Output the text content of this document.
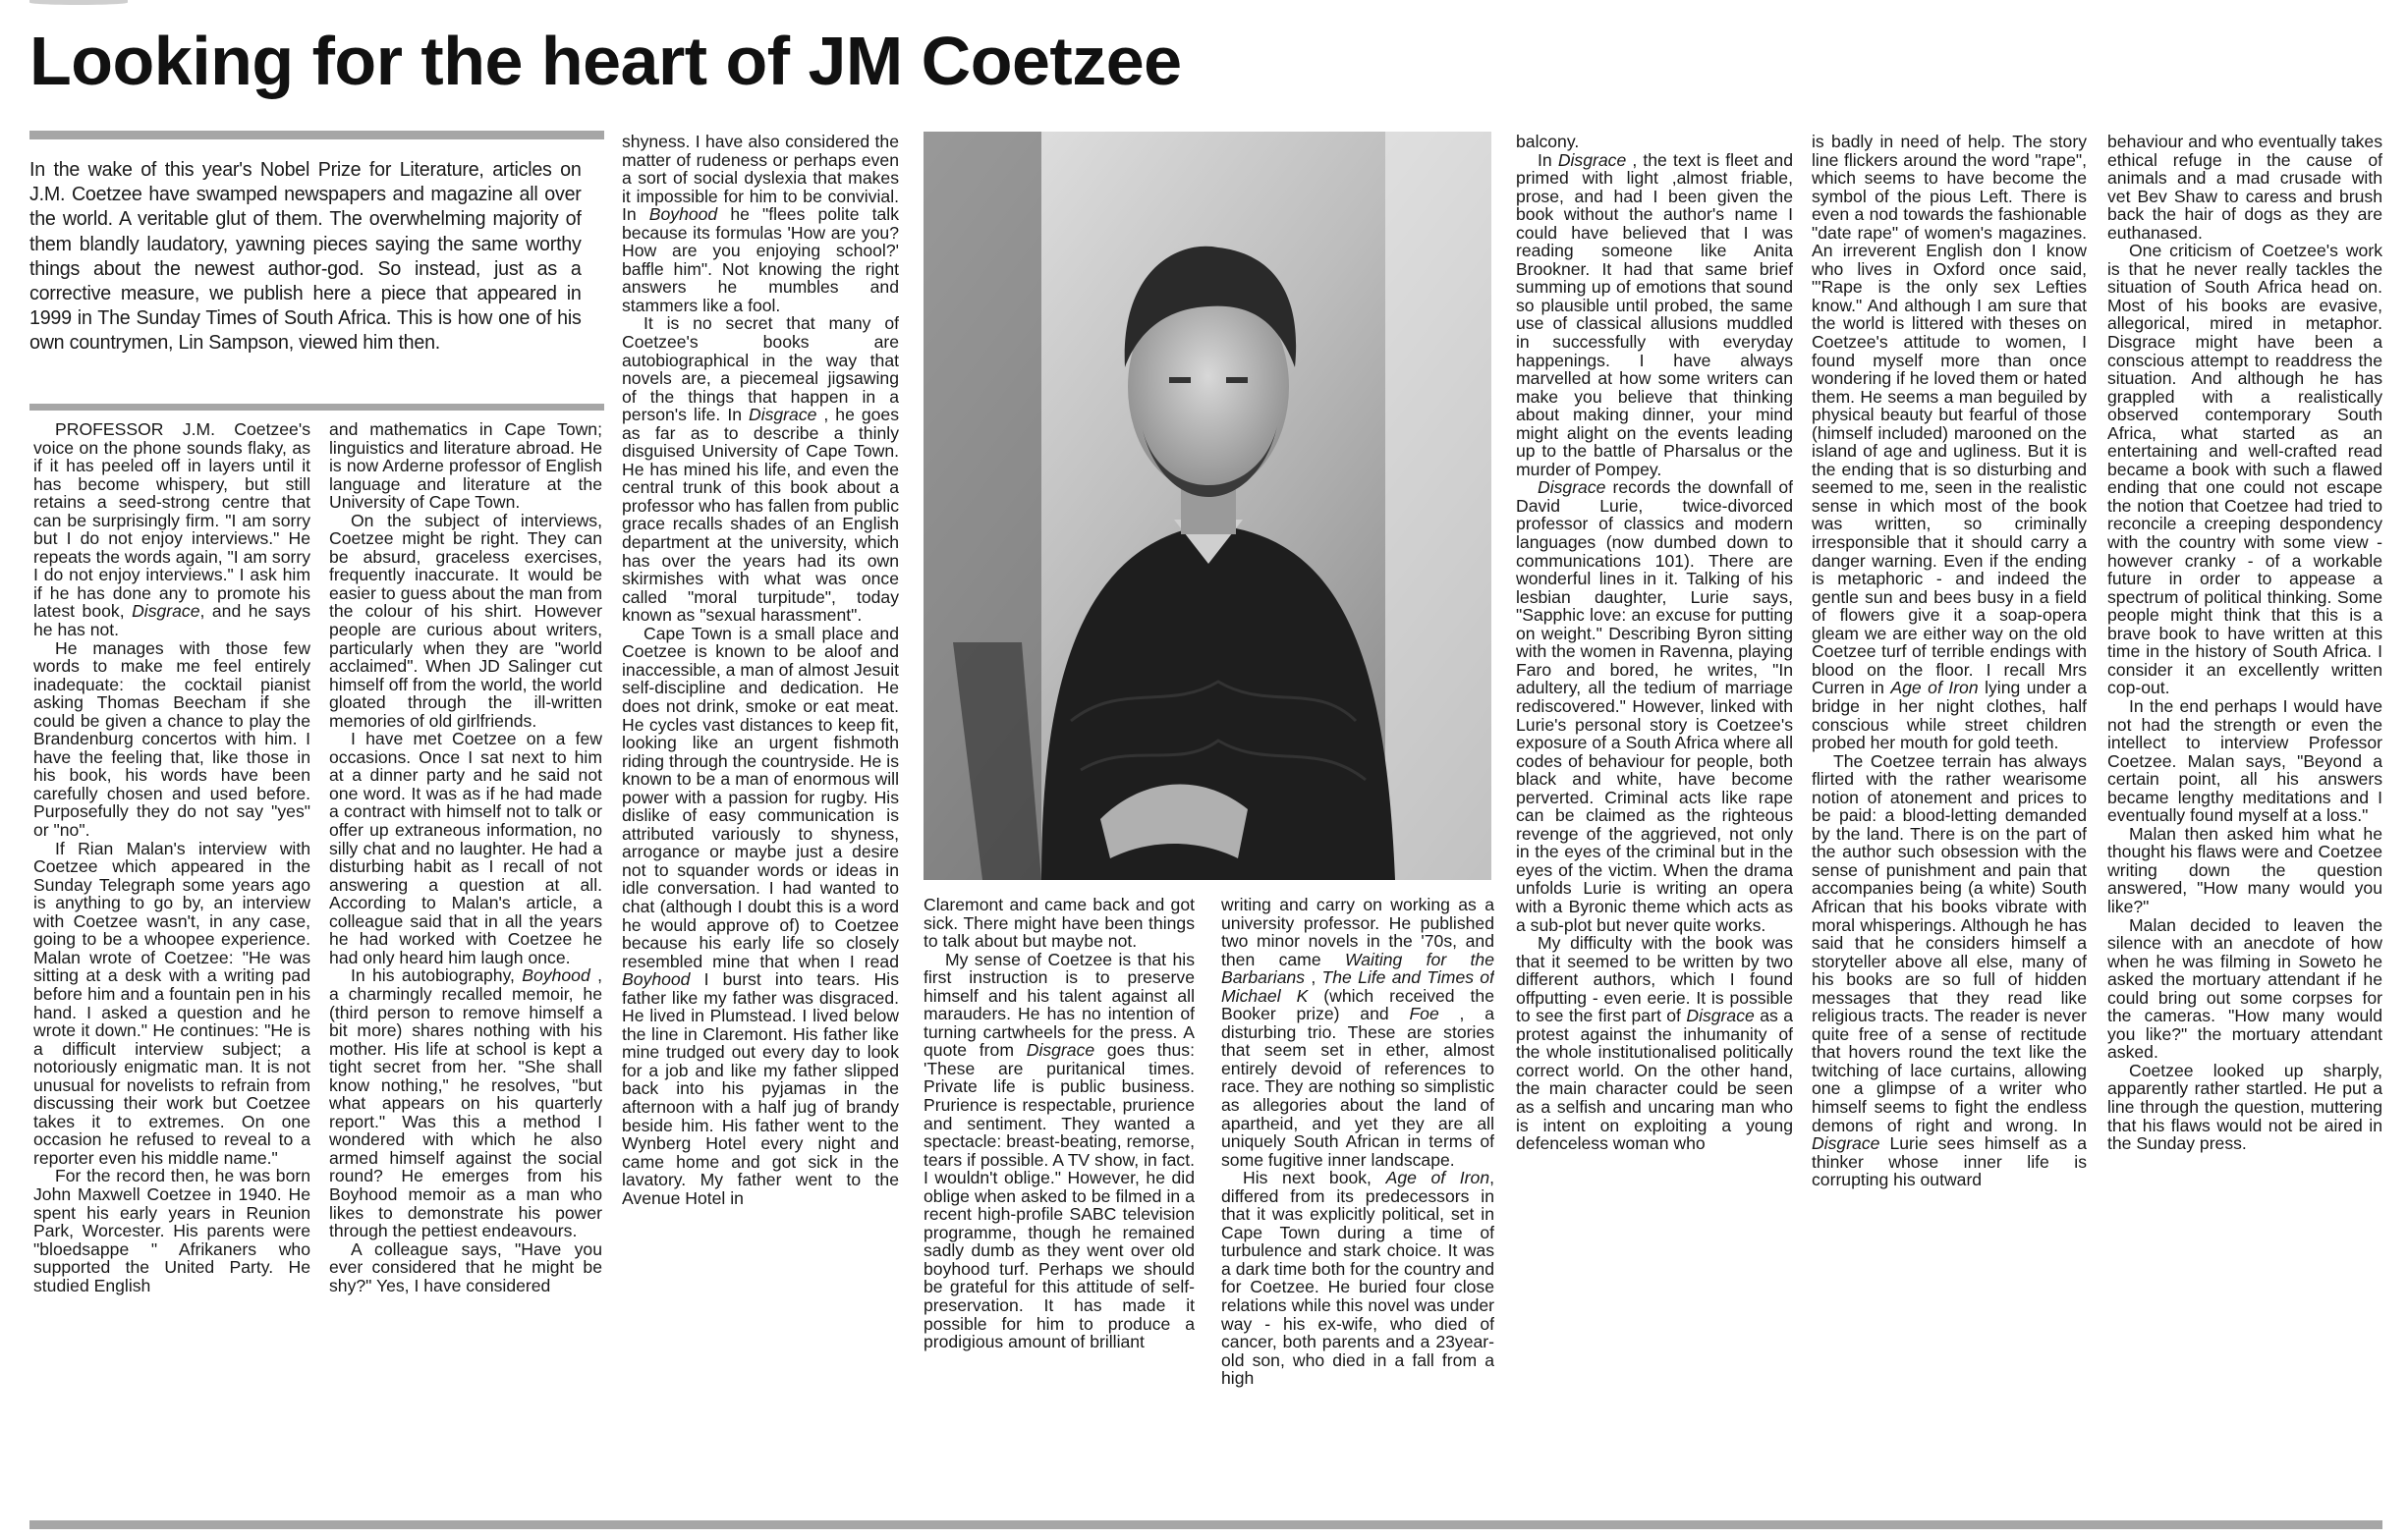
Looking for the heart of JM Coetzee

In the wake of this year's Nobel Prize for Literature, articles on J.M. Coetzee have swamped newspapers and magazine all over the world. A veritable glut of them. The overwhelming majority of them blandly laudatory, yawning pieces saying the same worthy things about the newest author-god. So instead, just as a corrective measure, we publish here a piece that appeared in 1999 in The Sunday Times of South Africa. This is how one of his own countrymen, Lin Sampson, viewed him then.

PROFESSOR J.M. Coetzee's voice on the phone sounds flaky, as if it has peeled off in layers until it has become whispery, but still retains a seed-strong centre that can be surprisingly firm. "I am sorry but I do not enjoy interviews." He repeats the words again, "I am sorry I do not enjoy interviews." I ask him if he has done any to promote his latest book, Disgrace, and he says he has not.

He manages with those few words to make me feel entirely inadequate: the cocktail pianist asking Thomas Beecham if she could be given a chance to play the Brandenburg concertos with him. I have the feeling that, like those in his book, his words have been carefully chosen and used before. Purposefully they do not say "yes" or "no".

If Rian Malan's interview with Coetzee which appeared in the Sunday Telegraph some years ago is anything to go by, an interview with Coetzee wasn't, in any case, going to be a whoopee experience. Malan wrote of Coetzee: "He was sitting at a desk with a writing pad before him and a fountain pen in his hand. I asked a question and he wrote it down." He continues: "He is a difficult interview subject; a notoriously enigmatic man. It is not unusual for novelists to refrain from discussing their work but Coetzee takes it to extremes. On one occasion he refused to reveal to a reporter even his middle name."

For the record then, he was born John Maxwell Coetzee in 1940. He spent his early years in Reunion Park, Worcester. His parents were "bloedsappe " Afrikaners who supported the United Party. He studied English

and mathematics in Cape Town; linguistics and literature abroad. He is now Arderne professor of English language and literature at the University of Cape Town.

On the subject of interviews, Coetzee might be right. They can be absurd, graceless exercises, frequently inaccurate. It would be easier to guess about the man from the colour of his shirt. However people are curious about writers, particularly when they are "world acclaimed". When JD Salinger cut himself off from the world, the world gloated through the ill-written memories of old girlfriends.

I have met Coetzee on a few occasions. Once I sat next to him at a dinner party and he said not one word. It was as if he had made a contract with himself not to talk or offer up extraneous information, no silly chat and no laughter. He had a disturbing habit as I recall of not answering a question at all. According to Malan's article, a colleague said that in all the years he had worked with Coetzee he had only heard him laugh once.

In his autobiography, Boyhood , a charmingly recalled memoir, he (third person to remove himself a bit more) shares nothing with his mother. His life at school is kept a tight secret from her. "She shall know nothing," he resolves, "but what appears on his quarterly report." Was this a method I wondered with which he also armed himself against the social round? He emerges from his Boyhood memoir as a man who likes to demonstrate his power through the pettiest endeavours.

A colleague says, "Have you ever considered that he might be shy?" Yes, I have considered

shyness. I have also considered the matter of rudeness or perhaps even a sort of social dyslexia that makes it impossible for him to be convivial. In Boyhood he "flees polite talk because its formulas 'How are you? How are you enjoying school?' baffle him". Not knowing the right answers he mumbles and stammers like a fool.

It is no secret that many of Coetzee's books are autobiographical in the way that novels are, a piecemeal jigsawing of the things that happen in a person's life. In Disgrace , he goes as far as to describe a thinly disguised University of Cape Town. He has mined his life, and even the central trunk of this book about a professor who has fallen from public grace recalls shades of an English department at the university, which has over the years had its own skirmishes with what was once called "moral turpitude", today known as "sexual harassment".

Cape Town is a small place and Coetzee is known to be aloof and inaccessible, a man of almost Jesuit self-discipline and dedication. He does not drink, smoke or eat meat. He cycles vast distances to keep fit, looking like an urgent fishmoth riding through the countryside. He is known to be a man of enormous will power with a passion for rugby. His dislike of easy communication is attributed variously to shyness, arrogance or maybe just a desire not to squander words or ideas in idle conversation. I had wanted to chat (although I doubt this is a word he would approve of) to Coetzee because his early life so closely resembled mine that when I read Boyhood I burst into tears. His father like my father was disgraced. He lived in Plumstead. I lived below the line in Claremont. His father like mine trudged out every day to look for a job and like my father slipped back into his pyjamas in the afternoon with a half jug of brandy beside him. His father went to the Wynberg Hotel every night and came home and got sick in the lavatory. My father went to the Avenue Hotel in

Claremont and came back and got sick. There might have been things to talk about but maybe not.

My sense of Coetzee is that his first instruction is to preserve himself and his talent against all marauders. He has no intention of turning cartwheels for the press. A quote from Disgrace goes thus: 'These are puritanical times. Private life is public business. Prurience is respectable, prurience and sentiment. They wanted a spectacle: breast-beating, remorse, tears if possible. A TV show, in fact. I wouldn't oblige." However, he did oblige when asked to be filmed in a recent high-profile SABC television programme, though he remained sadly dumb as they went over old boyhood turf. Perhaps we should be grateful for this attitude of self-preservation. It has made it possible for him to produce a prodigious amount of brilliant

writing and carry on working as a university professor. He published two minor novels in the '70s, and then came Waiting for the Barbarians , The Life and Times of Michael K (which received the Booker prize) and Foe , a disturbing trio. These are stories that seem set in ether, almost entirely devoid of references to race. They are nothing so simplistic as allegories about the land of apartheid, and yet they are all uniquely South African in terms of some fugitive inner landscape.

His next book, Age of Iron, differed from its predecessors in that it was explicitly political, set in Cape Town during a time of turbulence and stark choice. It was a dark time both for the country and for Coetzee. He buried four close relations while this novel was under way - his ex-wife, who died of cancer, both parents and a 23year-old son, who died in a fall from a high

balcony.

In Disgrace , the text is fleet and primed with light ,almost friable, prose, and had I been given the book without the author's name I could have believed that I was reading someone like Anita Brookner. It had that same brief summing up of emotions that sound so plausible until probed, the same use of classical allusions muddled in successfully with everyday happenings. I have always marvelled at how some writers can make you believe that thinking about making dinner, your mind might alight on the events leading up to the battle of Pharsalus or the murder of Pompey.

Disgrace records the downfall of David Lurie, twice-divorced professor of classics and modern languages (now dumbed down to communications 101). There are wonderful lines in it. Talking of his lesbian daughter, Lurie says, "Sapphic love: an excuse for putting on weight." Describing Byron sitting with the women in Ravenna, playing Faro and bored, he writes, "In adultery, all the tedium of marriage rediscovered." However, linked with Lurie's personal story is Coetzee's exposure of a South Africa where all codes of behaviour for people, both black and white, have become perverted. Criminal acts like rape can be claimed as the righteous revenge of the aggrieved, not only in the eyes of the criminal but in the eyes of the victim. When the drama unfolds Lurie is writing an opera with a Byronic theme which acts as a sub-plot but never quite works.

My difficulty with the book was that it seemed to be written by two different authors, which I found offputting - even eerie. It is possible to see the first part of Disgrace as a protest against the inhumanity of the whole institutionalised politically correct world. On the other hand, the main character could be seen as a selfish and uncaring man who is intent on exploiting a young defenceless woman who

is badly in need of help. The story line flickers around the word "rape", which seems to have become the symbol of the pious Left. There is even a nod towards the fashionable "date rape" of women's magazines. An irreverent English don I know who lives in Oxford once said, "'Rape is the only sex Lefties know." And although I am sure that the world is littered with theses on Coetzee's attitude to women, I found myself more than once wondering if he loved them or hated them. He seems a man beguiled by physical beauty but fearful of those (himself included) marooned on the island of age and ugliness. But it is the ending that is so disturbing and seemed to me, seen in the realistic sense in which most of the book was written, so criminally irresponsible that it should carry a danger warning. Even if the ending is metaphoric - and indeed the gentle sun and bees busy in a field of flowers give it a soap-opera gleam we are either way on the old Coetzee turf of terrible endings with blood on the floor. I recall Mrs Curren in Age of Iron lying under a bridge in her night clothes, half conscious while street children probed her mouth for gold teeth.

The Coetzee terrain has always flirted with the rather wearisome notion of atonement and prices to be paid: a blood-letting demanded by the land. There is on the part of the author such obsession with the sense of punishment and pain that accompanies being (a white) South African that his books vibrate with moral whisperings. Although he has said that he considers himself a storyteller above all else, many of his books are so full of hidden messages that they read like religious tracts. The reader is never quite free of a sense of rectitude that hovers round the text like the twitching of lace curtains, allowing one a glimpse of a writer who himself seems to fight the endless demons of right and wrong. In Disgrace Lurie sees himself as a thinker whose inner life is corrupting his outward

behaviour and who eventually takes ethical refuge in the cause of animals and a mad crusade with vet Bev Shaw to caress and brush back the hair of dogs as they are euthanased.

One criticism of Coetzee's work is that he never really tackles the situation of South Africa head on. Most of his books are evasive, allegorical, mired in metaphor. Disgrace might have been a conscious attempt to readdress the situation. And although he has grappled with a realistically observed contemporary South Africa, what started as an entertaining and well-crafted read became a book with such a flawed ending that one could not escape the notion that Coetzee had tried to reconcile a creeping despondency with the country with some view - however cranky - of a workable future in order to appease a spectrum of political thinking. Some people might think that this is a brave book to have written at this time in the history of South Africa. I consider it an excellently written cop-out.

In the end perhaps I would have not had the strength or even the intellect to interview Professor Coetzee. Malan says, "Beyond a certain point, all his answers became lengthy meditations and I eventually found myself at a loss."

Malan then asked him what he thought his flaws were and Coetzee writing down the question answered, "How many would you like?"

Malan decided to leaven the silence with an anecdote of how when he was filming in Soweto he asked the mortuary attendant if he could bring out some corpses for the cameras. "How many would you like?" the mortuary attendant asked.

Coetzee looked up sharply, apparently rather startled. He put a line through the question, muttering that his flaws would not be aired in the Sunday press.
